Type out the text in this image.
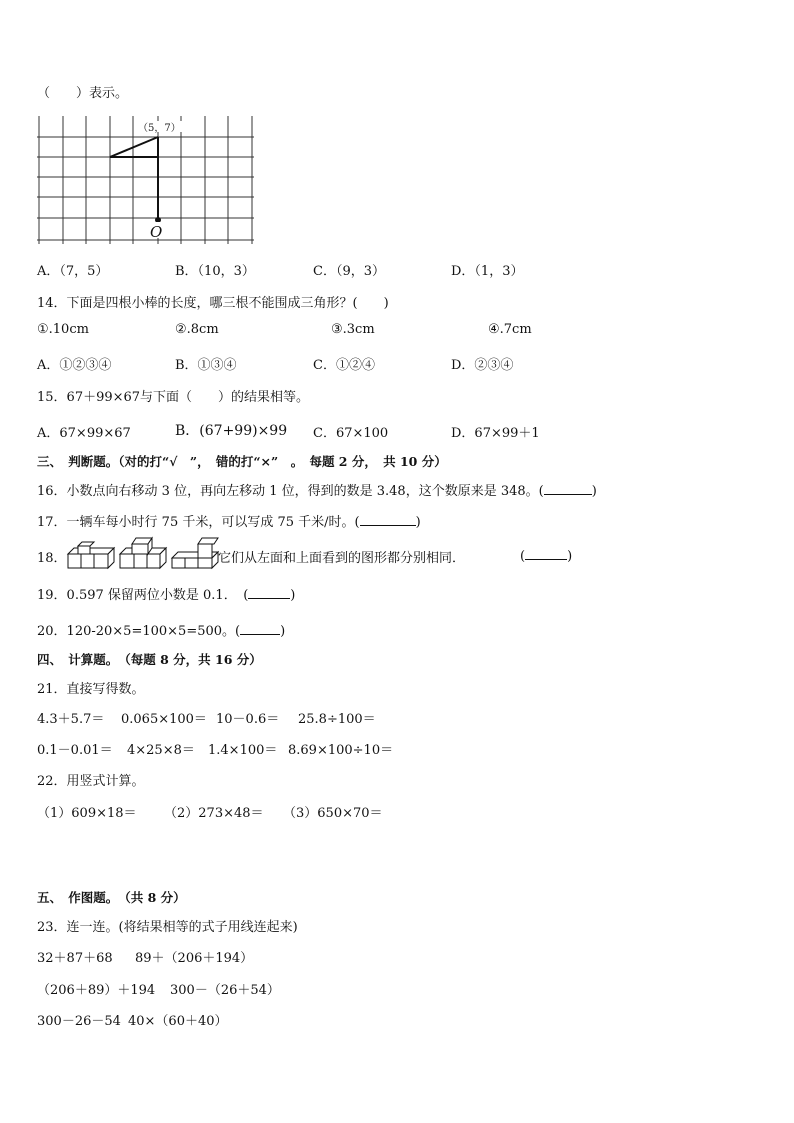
（　　）表示。
（5，7）
O
A．（7，5）	B．（10，3）	C．（9，3）	D．（1，3）
14．下面是四根小棒的长度，哪三根不能围成三角形？(　　)
①.10cm	②.8cm	③.3cm	④.7cm
A．①②③④	B．①③④	C．①②④	D．②③④
15．67＋99×67与下面（　　）的结果相等。
A．67×99×67	B．(67+99)×99 C．67×100	D．67×99＋1
三、　判断题。（对的打“√　”，　错的打“×”　。　每题 2 分，　共 10 分）
16．小数点向右移动 3 位，再向左移动 1 位，得到的数是 3.48，这个数原来是 348。(	)
17．一辆车每小时行 75 千米，可以写成 75 千米/时。(	)
18．	它们从左面和上面看到的图形都分别相同．	(	)
19．0.597 保留两位小数是 0.1．　(	)
20．120-20×5=100×5=500。(	)
四、　计算题。　（每题 8 分，共 16 分）
21．直接写得数。
4.3＋5.7＝ 0.065×100＝ 10－0.6＝ 25.8÷100＝
0.1－0.01＝ 4×25×8＝ 1.4×100＝ 8.69×100÷10＝
22．用竖式计算。
（1）609×18＝ （2）273×48＝ （3）650×70＝
五、　作图题。　（共 8 分）
23．连一连。(将结果相等的式子用线连起来)
32＋87＋68 89＋（206＋194）
（206＋89）＋194 300－（26＋54）
300－26－54 40×（60＋40）
